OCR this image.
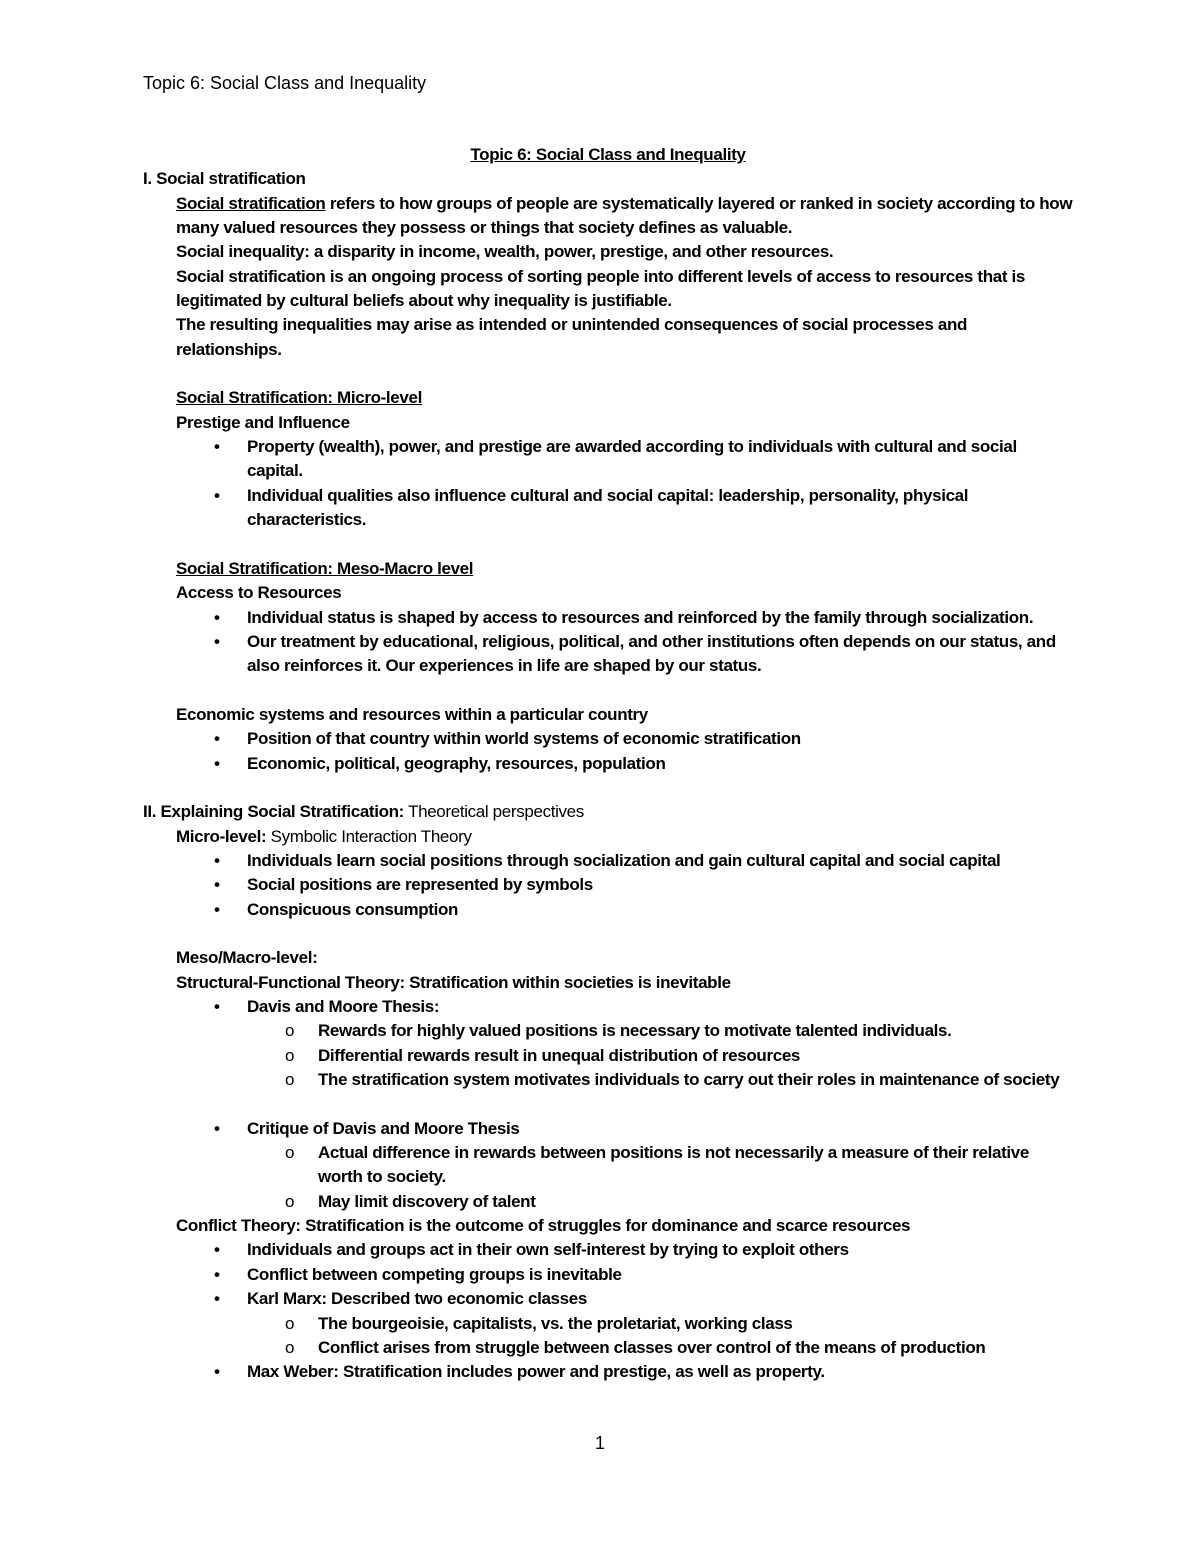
Topic 6: Social Class and Inequality
Topic 6: Social Class and Inequality
I. Social stratification
Social stratification refers to how groups of people are systematically layered or ranked in society according to how many valued resources they possess or things that society defines as valuable.
Social inequality: a disparity in income, wealth, power, prestige, and other resources.
Social stratification is an ongoing process of sorting people into different levels of access to resources that is legitimated by cultural beliefs about why inequality is justifiable.
The resulting inequalities may arise as intended or unintended consequences of social processes and relationships.
Social Stratification: Micro-level
Prestige and Influence
• Property (wealth), power, and prestige are awarded according to individuals with cultural and social capital.
• Individual qualities also influence cultural and social capital: leadership, personality, physical characteristics.
Social Stratification: Meso-Macro level
Access to Resources
• Individual status is shaped by access to resources and reinforced by the family through socialization.
• Our treatment by educational, religious, political, and other institutions often depends on our status, and also reinforces it. Our experiences in life are shaped by our status.
Economic systems and resources within a particular country
• Position of that country within world systems of economic stratification
• Economic, political, geography, resources, population
II. Explaining Social Stratification: Theoretical perspectives
Micro-level: Symbolic Interaction Theory
• Individuals learn social positions through socialization and gain cultural capital and social capital
• Social positions are represented by symbols
• Conspicuous consumption
Meso/Macro-level:
Structural-Functional Theory: Stratification within societies is inevitable
• Davis and Moore Thesis:
o Rewards for highly valued positions is necessary to motivate talented individuals.
o Differential rewards result in unequal distribution of resources
o The stratification system motivates individuals to carry out their roles in maintenance of society
• Critique of Davis and Moore Thesis
o Actual difference in rewards between positions is not necessarily a measure of their relative worth to society.
o May limit discovery of talent
Conflict Theory: Stratification is the outcome of struggles for dominance and scarce resources
• Individuals and groups act in their own self-interest by trying to exploit others
• Conflict between competing groups is inevitable
• Karl Marx: Described two economic classes
o The bourgeoisie, capitalists, vs. the proletariat, working class
o Conflict arises from struggle between classes over control of the means of production
• Max Weber: Stratification includes power and prestige, as well as property.
1
